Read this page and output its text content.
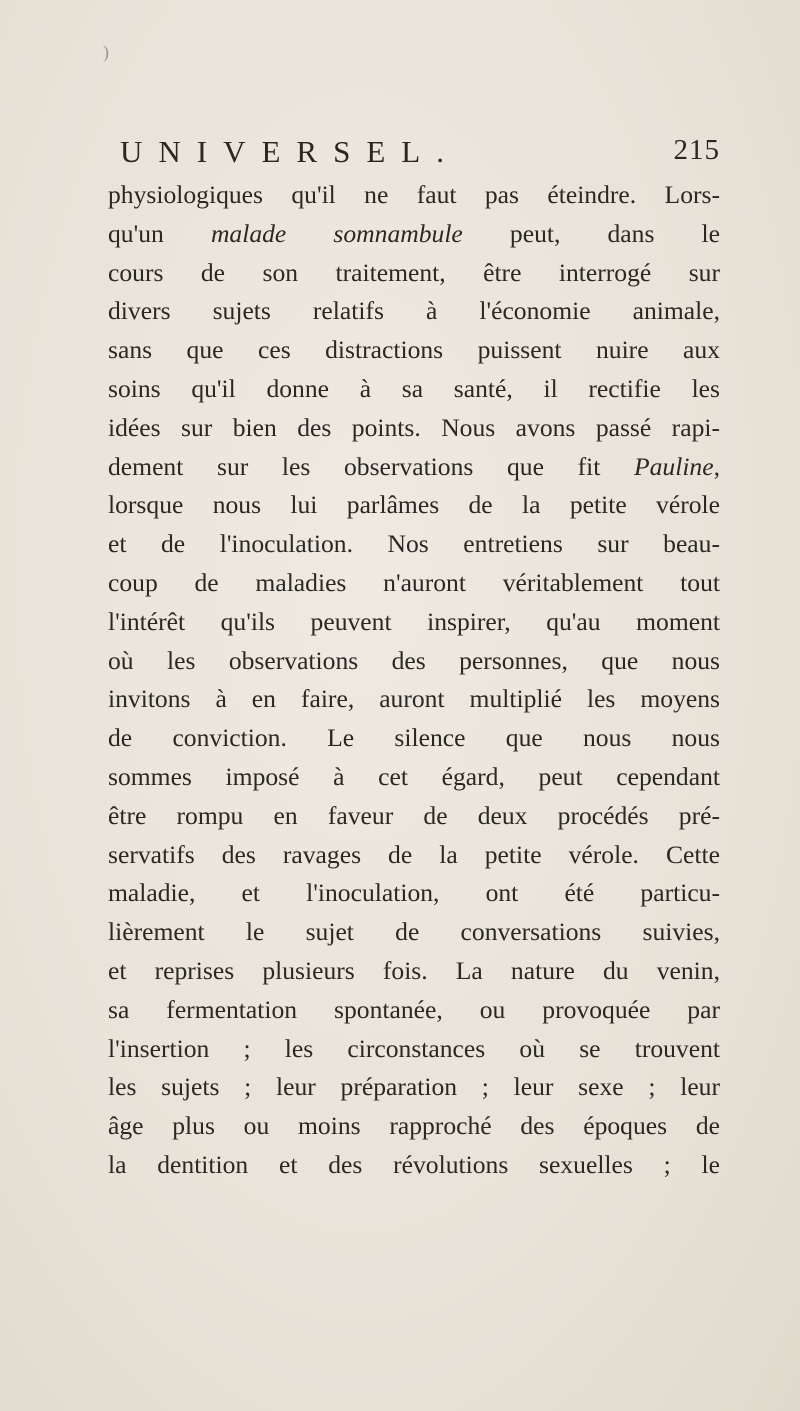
UNIVERSEL.	215
physiologiques qu'il ne faut pas éteindre. Lors-
qu'un malade somnambule peut, dans le
cours de son traitement, être interrogé sur
divers sujets relatifs à l'économie animale,
sans que ces distractions puissent nuire aux
soins qu'il donne à sa santé, il rectifie les
idées sur bien des points. Nous avons passé rapi-
dement sur les observations que fit Pauline,
lorsque nous lui parlâmes de la petite vérole
et de l'inoculation. Nos entretiens sur beau-
coup de maladies n'auront véritablement tout
l'intérêt qu'ils peuvent inspirer, qu'au moment
où les observations des personnes, que nous
invitons à en faire, auront multiplié les moyens
de conviction. Le silence que nous nous
sommes imposé à cet égard, peut cependant
être rompu en faveur de deux procédés pré-
servatifs des ravages de la petite vérole. Cette
maladie, et l'inoculation, ont été particu-
lièrement le sujet de conversations suivies,
et reprises plusieurs fois. La nature du venin,
sa fermentation spontanée, ou provoquée par
l'insertion ; les circonstances où se trouvent
les sujets ; leur préparation ; leur sexe ; leur
âge plus ou moins rapproché des époques de
la dentition et des révolutions sexuelles ; le
)
